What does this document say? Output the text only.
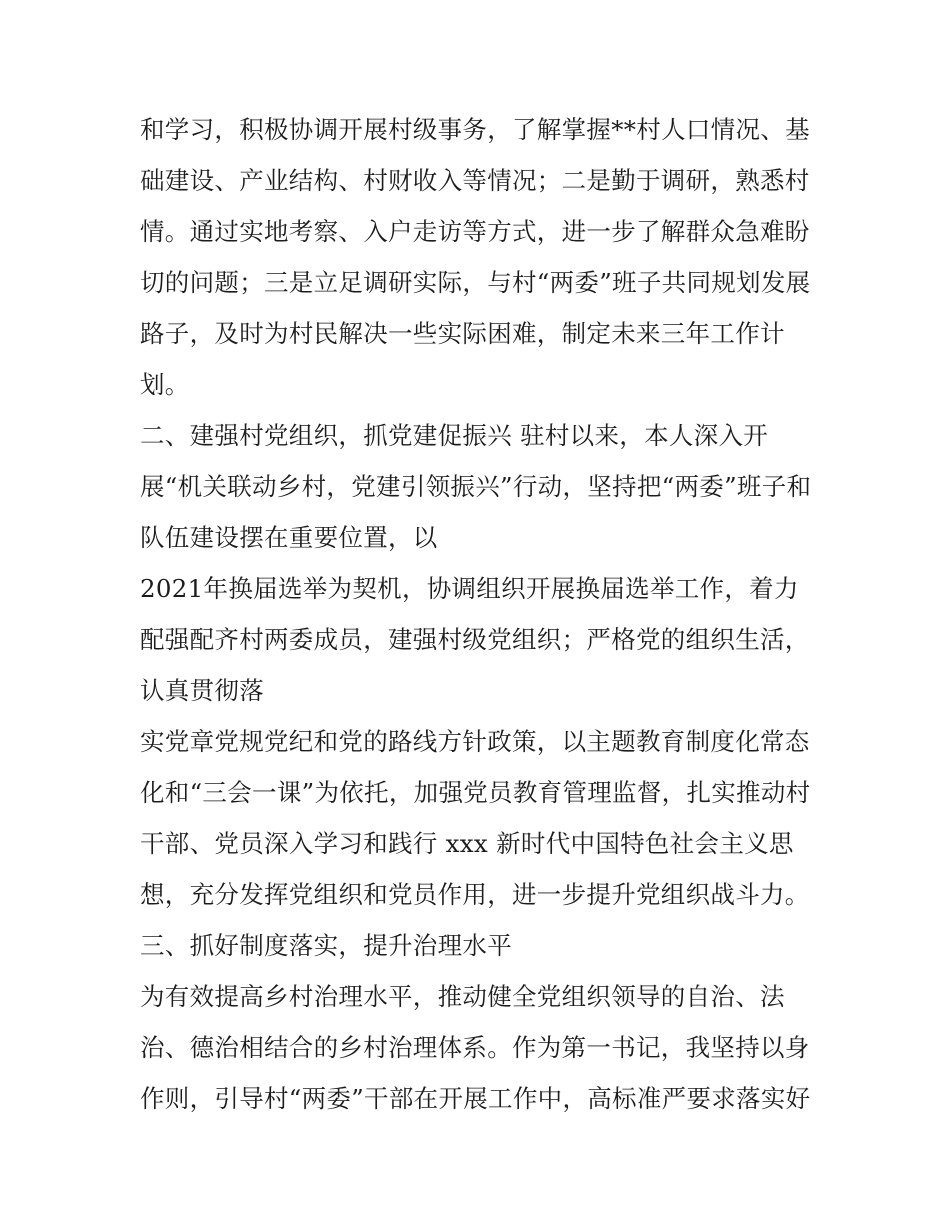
和学习，积极协调开展村级事务，了解掌握**村人口情况、基
础建设、产业结构、村财收入等情况；二是勤于调研，熟悉村
情。通过实地考察、入户走访等方式，进一步了解群众急难盼
切的问题；三是立足调研实际，与村“两委”班子共同规划发展
路子，及时为村民解决一些实际困难，制定未来三年工作计
划。
二、建强村党组织，抓党建促振兴 驻村以来，本人深入开
展“机关联动乡村，党建引领振兴”行动，坚持把“两委”班子和
队伍建设摆在重要位置，以
2021年换届选举为契机，协调组织开展换届选举工作，着力
配强配齐村两委成员，建强村级党组织；严格党的组织生活，
认真贯彻落
实党章党规党纪和党的路线方针政策，以主题教育制度化常态
化和“三会一课”为依托，加强党员教育管理监督，扎实推动村
干部、党员深入学习和践行 xxx 新时代中国特色社会主义思
想，充分发挥党组织和党员作用，进一步提升党组织战斗力。
三、抓好制度落实，提升治理水平
为有效提高乡村治理水平，推动健全党组织领导的自治、法
治、德治相结合的乡村治理体系。作为第一书记，我坚持以身
作则，引导村“两委”干部在开展工作中，高标准严要求落实好
